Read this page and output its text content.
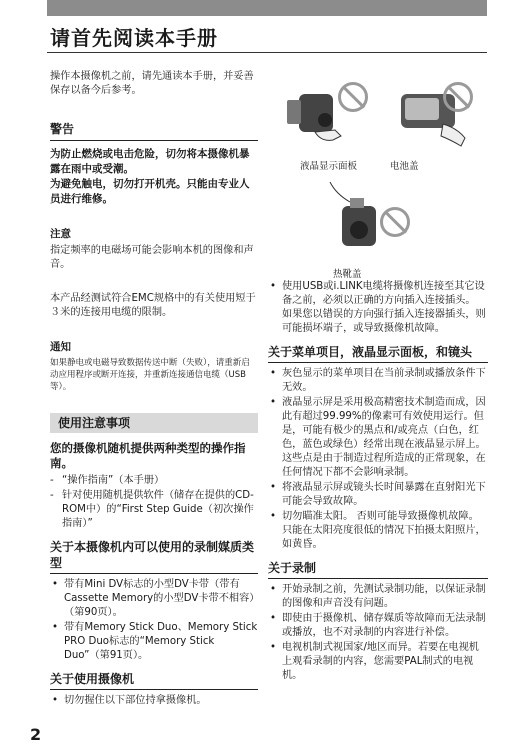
请首先阅读本手册

操作本摄像机之前，请先通读本手册，并妥善保存以备今后参考。

警告

为防止燃烧或电击危险，切勿将本摄像机暴露在雨中或受潮。

为避免触电，切勿打开机壳。只能由专业人员进行维修。

注意

指定频率的电磁场可能会影响本机的图像和声音。

本产品经测试符合EMC规格中的有关使用短于３米的连接用电缆的限制。

通知

如果静电或电磁导致数据传送中断（失败），请重新启动应用程序或断开连接，并重新连接通信电缆（USB等）。

使用注意事项
您的摄像机随机提供两种类型的操作指南。
- “操作指南”（本手册）
- 针对使用随机提供软件（储存在提供的CD-ROM中）的“First Step Guide（初次操作指南）”
关于本摄像机内可以使用的录制媒质类型
• 带有Mini DV标志的小型DV卡带（带有Cassette Memory的小型DV卡带不相容）（第90页）。
• 带有Memory Stick Duo、Memory Stick PRO Duo标志的“Memory Stick Duo”（第91页）。
关于使用摄像机
• 切勿握住以下部位持拿摄像机。
液晶显示面板	电池盖
热靴盖
• 使用USB或i.LINK电缆将摄像机连接至其它设备之前，必须以正确的方向插入连接插头。 如果您以错误的方向强行插入连接器插头，则可能损坏端子，或导致摄像机故障。
关于菜单项目，液晶显示面板，和镜头
• 灰色显示的菜单项目在当前录制或播放条件下无效。
• 液晶显示屏是采用极高精密技术制造而成，因此有超过99.99%的像素可有效使用运行。但是，可能有极少的黑点和/或亮点（白色，红色，蓝色或绿色）经常出现在液晶显示屏上。这些点是由于制造过程所造成的正常现象，在任何情况下都不会影响录制。
• 将液晶显示屏或镜头长时间暴露在直射阳光下可能会导致故障。
• 切勿瞄准太阳。 否则可能导致摄像机故障。 只能在太阳亮度很低的情况下拍摄太阳照片，如黄昏。
关于录制
• 开始录制之前，先测试录制功能，以保证录制的图像和声音没有问题。
• 即使由于摄像机、储存媒质等故障而无法录制或播放，也不对录制的内容进行补偿。
• 电视机制式视国家/地区而异。若要在电视机上观看录制的内容，您需要PAL制式的电视机。
2
